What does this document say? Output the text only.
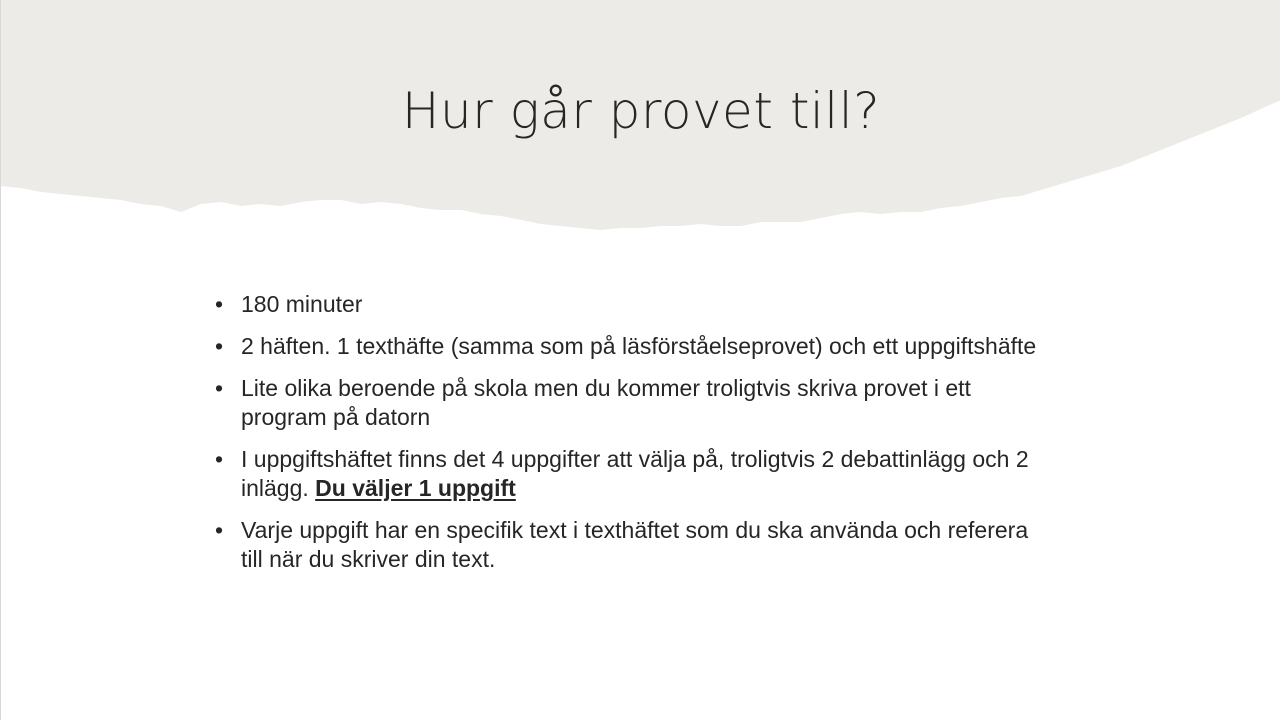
Hur går provet till?
• 180 minuter
• 2 häften. 1 texthäfte (samma som på läsförståelseprovet) och ett uppgiftshäfte
• Lite olika beroende på skola men du kommer troligtvis skriva provet i ett program på datorn
• I uppgiftshäftet finns det 4 uppgifter att välja på, troligtvis 2 debattinlägg och 2 inlägg. Du väljer 1 uppgift
• Varje uppgift har en specifik text i texthäftet som du ska använda och referera till när du skriver din text.
